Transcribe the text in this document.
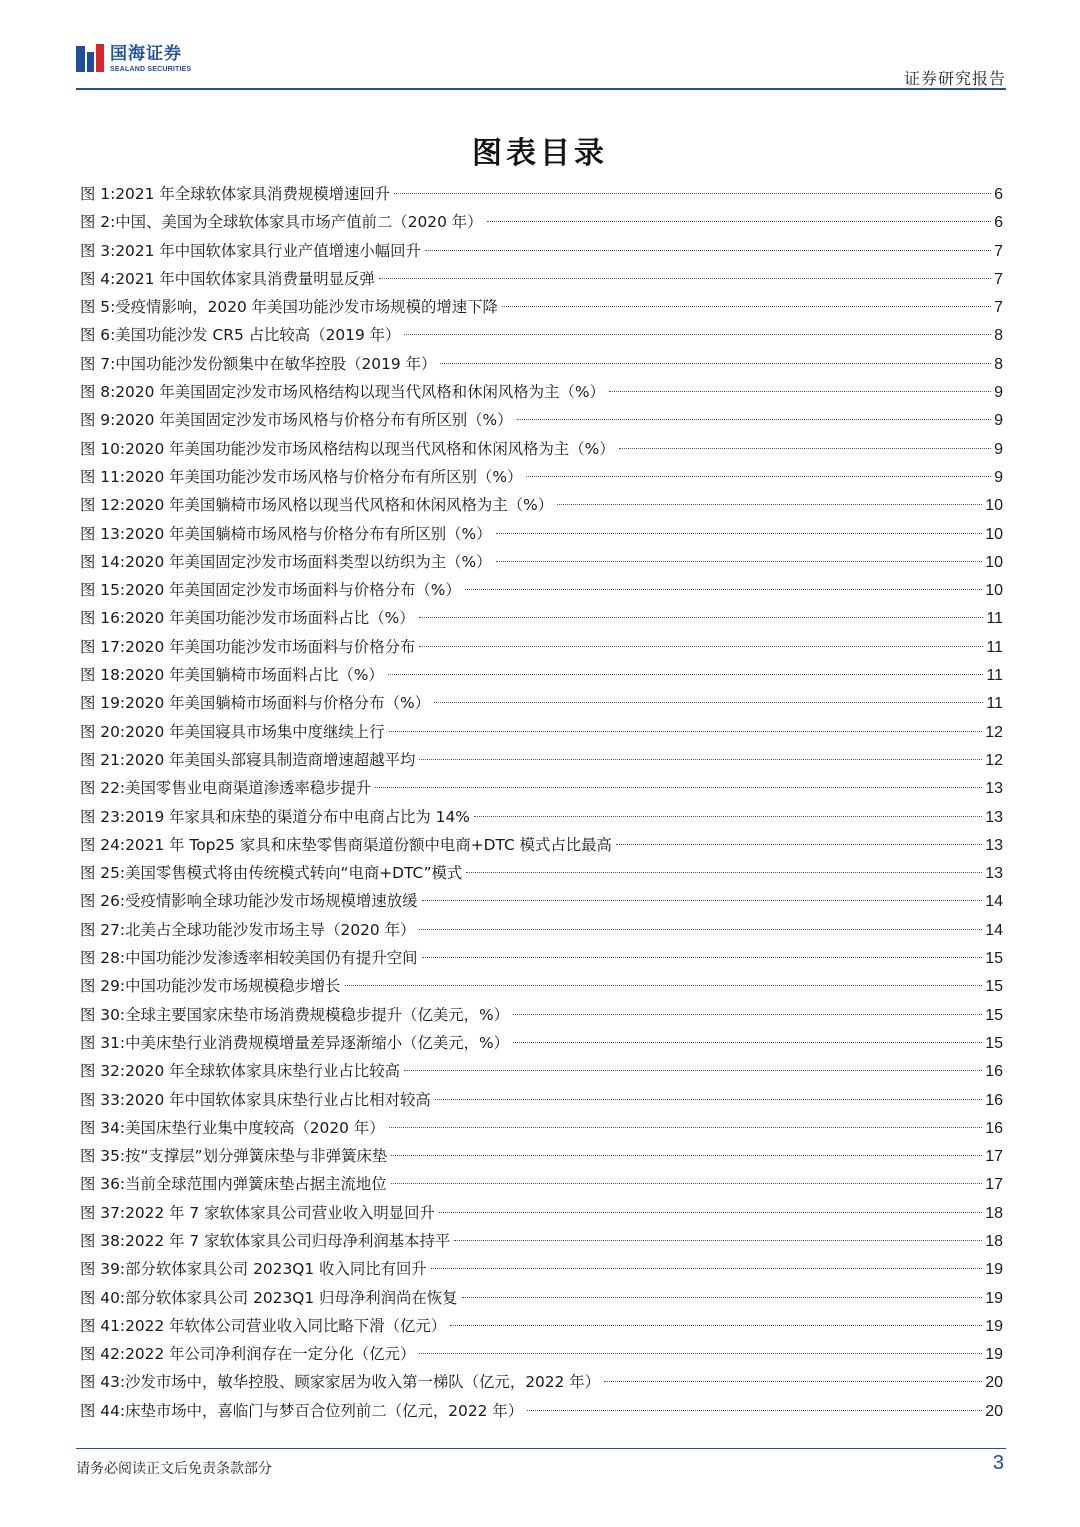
国海证券
SEALAND SECURITIES	证券研究报告
图表目录
图 1: 2021 年全球软体家具消费规模增速回升	6
图 2: 中国、美国为全球软体家具市场产值前二（2020 年）	6
图 3: 2021 年中国软体家具行业产值增速小幅回升	7
图 4: 2021 年中国软体家具消费量明显反弹	7
图 5: 受疫情影响，2020 年美国功能沙发市场规模的增速下降	7
图 6: 美国功能沙发 CR5 占比较高（2019 年）	8
图 7: 中国功能沙发份额集中在敏华控股（2019 年）	8
图 8: 2020 年美国固定沙发市场风格结构以现当代风格和休闲风格为主（%）	9
图 9: 2020 年美国固定沙发市场风格与价格分布有所区别（%）	9
图 10: 2020 年美国功能沙发市场风格结构以现当代风格和休闲风格为主（%）	9
图 11: 2020 年美国功能沙发市场风格与价格分布有所区别（%）	9
图 12: 2020 年美国躺椅市场风格以现当代风格和休闲风格为主（%）	10
图 13: 2020 年美国躺椅市场风格与价格分布有所区别（%）	10
图 14: 2020 年美国固定沙发市场面料类型以纺织为主（%）	10
图 15: 2020 年美国固定沙发市场面料与价格分布（%）	10
图 16: 2020 年美国功能沙发市场面料占比（%）	11
图 17: 2020 年美国功能沙发市场面料与价格分布	11
图 18: 2020 年美国躺椅市场面料占比（%）	11
图 19: 2020 年美国躺椅市场面料与价格分布（%）	11
图 20: 2020 年美国寝具市场集中度继续上行	12
图 21: 2020 年美国头部寝具制造商增速超越平均	12
图 22: 美国零售业电商渠道渗透率稳步提升	13
图 23: 2019 年家具和床垫的渠道分布中电商占比为 14%	13
图 24: 2021 年 Top25 家具和床垫零售商渠道份额中电商+DTC 模式占比最高	13
图 25: 美国零售模式将由传统模式转向“电商+DTC”模式	13
图 26: 受疫情影响全球功能沙发市场规模增速放缓	14
图 27: 北美占全球功能沙发市场主导（2020 年）	14
图 28: 中国功能沙发渗透率相较美国仍有提升空间	15
图 29: 中国功能沙发市场规模稳步增长	15
图 30: 全球主要国家床垫市场消费规模稳步提升（亿美元，%）	15
图 31: 中美床垫行业消费规模增量差异逐渐缩小（亿美元，%）	15
图 32: 2020 年全球软体家具床垫行业占比较高	16
图 33: 2020 年中国软体家具床垫行业占比相对较高	16
图 34: 美国床垫行业集中度较高（2020 年）	16
图 35: 按“支撑层”划分弹簧床垫与非弹簧床垫	17
图 36: 当前全球范围内弹簧床垫占据主流地位	17
图 37: 2022 年 7 家软体家具公司营业收入明显回升	18
图 38: 2022 年 7 家软体家具公司归母净利润基本持平	18
图 39: 部分软体家具公司 2023Q1 收入同比有回升	19
图 40: 部分软体家具公司 2023Q1 归母净利润尚在恢复	19
图 41: 2022 年软体公司营业收入同比略下滑（亿元）	19
图 42: 2022 年公司净利润存在一定分化（亿元）	19
图 43: 沙发市场中，敏华控股、顾家家居为收入第一梯队（亿元，2022 年）	20
图 44: 床垫市场中，喜临门与梦百合位列前二（亿元，2022 年）	20
请务必阅读正文后免责条款部分	3
